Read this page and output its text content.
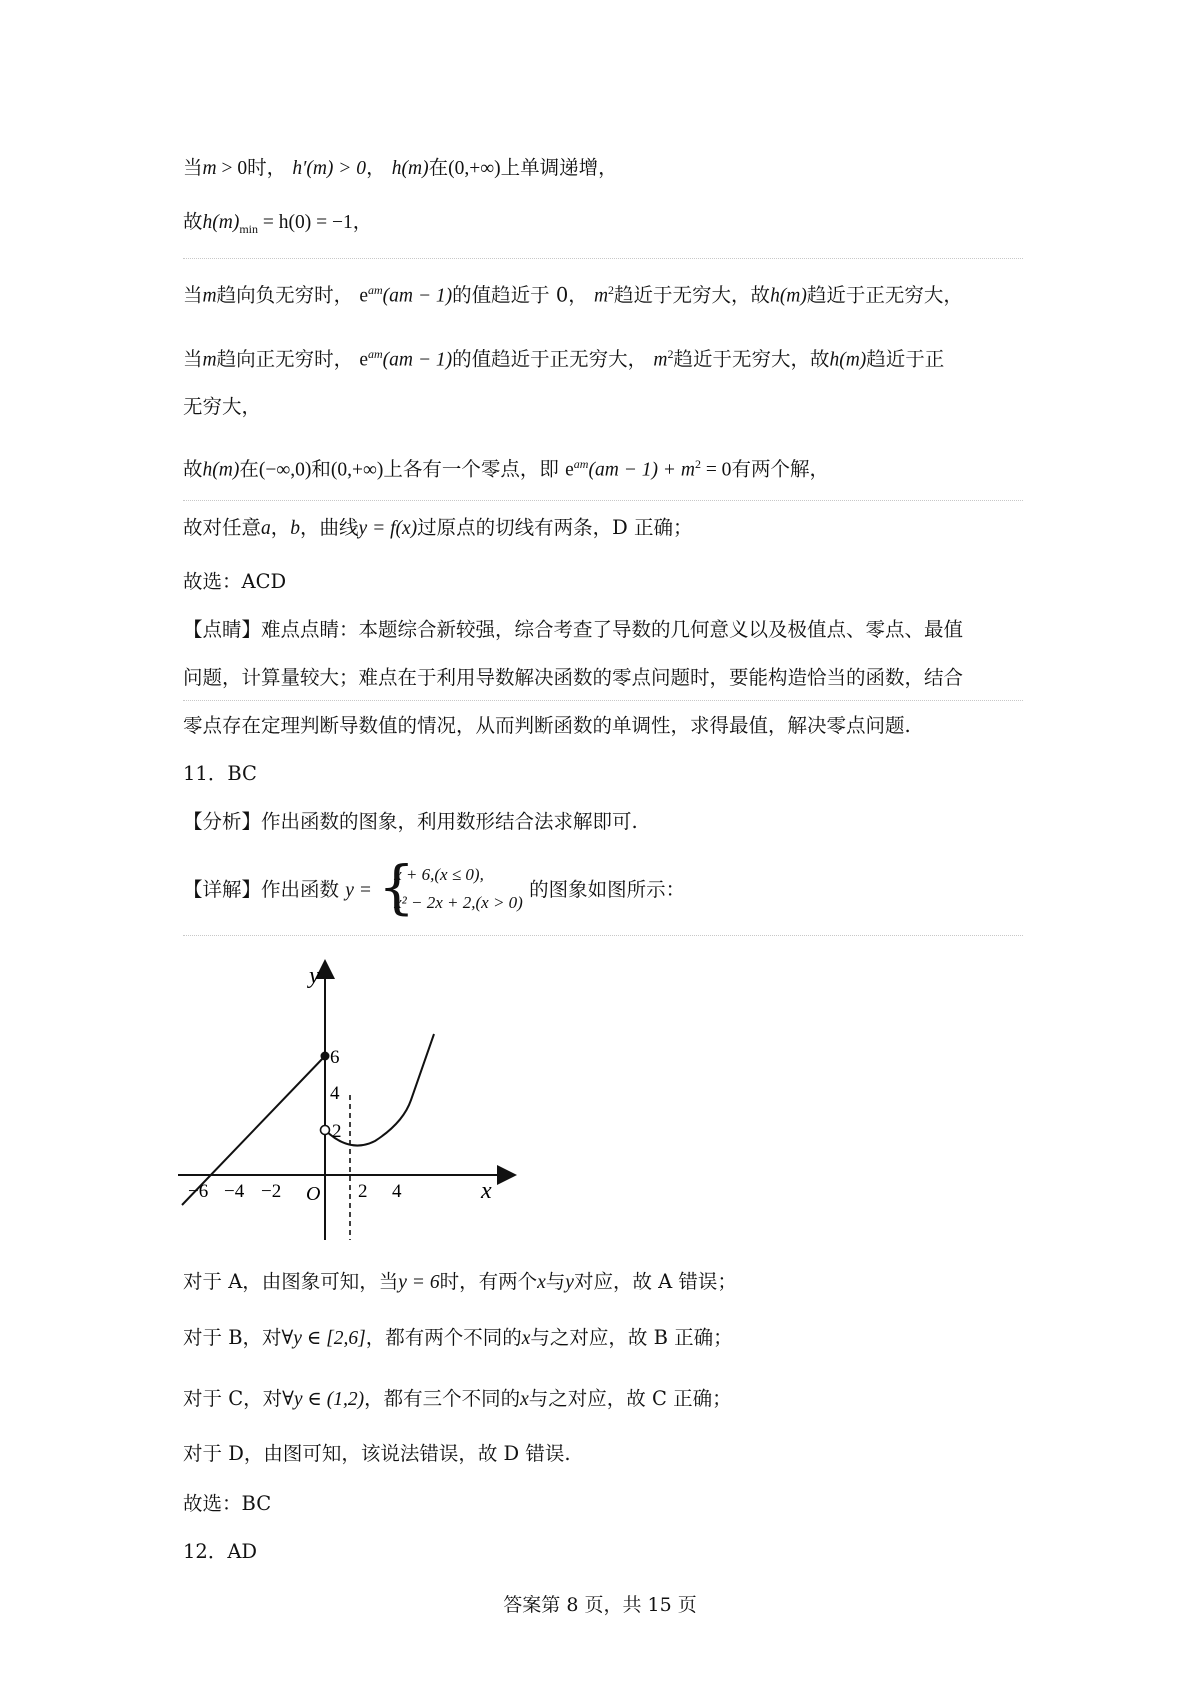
当m > 0时， h′(m) > 0， h(m)在(0,+∞)上单调递增，
故$h(m)_{min} = h(0) = -1$，
当m趋向负无穷时， $e^{am}(am - 1)$的值趋近于 0， $m^2$趋近于无穷大，故h(m)趋近于正无穷大，
当m趋向正无穷时， $e^{am}(am - 1)$的值趋近于正无穷大， $m^2$趋近于无穷大，故h(m)趋近于正
无穷大，
故h(m)在(−∞,0)和(0,+∞)上各有一个零点，即 $e^{am}(am - 1) + m^2 = 0$有两个解，
故对任意a，b，曲线y = f(x)过原点的切线有两条，D 正确；
故选：ACD
【点睛】难点点睛：本题综合新较强，综合考查了导数的几何意义以及极值点、零点、最值
问题，计算量较大；难点在于利用导数解决函数的零点问题时，要能构造恰当的函数，结合
零点存在定理判断导数值的情况，从而判断函数的单调性，求得最值，解决零点问题.
11．BC
【分析】作出函数的图象，利用数形结合法求解即可.
【详解】作出函数 y = {
x + 6,(x ≤ 0),
x² − 2x + 2,(x > 0)
的图象如图所示：
y
x
O
−6 −4 −2	2 4
6
4
2
对于 A，由图象可知，当y = 6时，有两个x与y对应，故 A 错误；
对于 B，对∀y ∈ [2,6]，都有两个不同的x与之对应，故 B 正确；
对于 C，对∀y ∈ (1,2)，都有三个不同的x与之对应，故 C 正确；
对于 D，由图可知，该说法错误，故 D 错误.
故选：BC
12．AD
答案第 8 页，共 15 页
